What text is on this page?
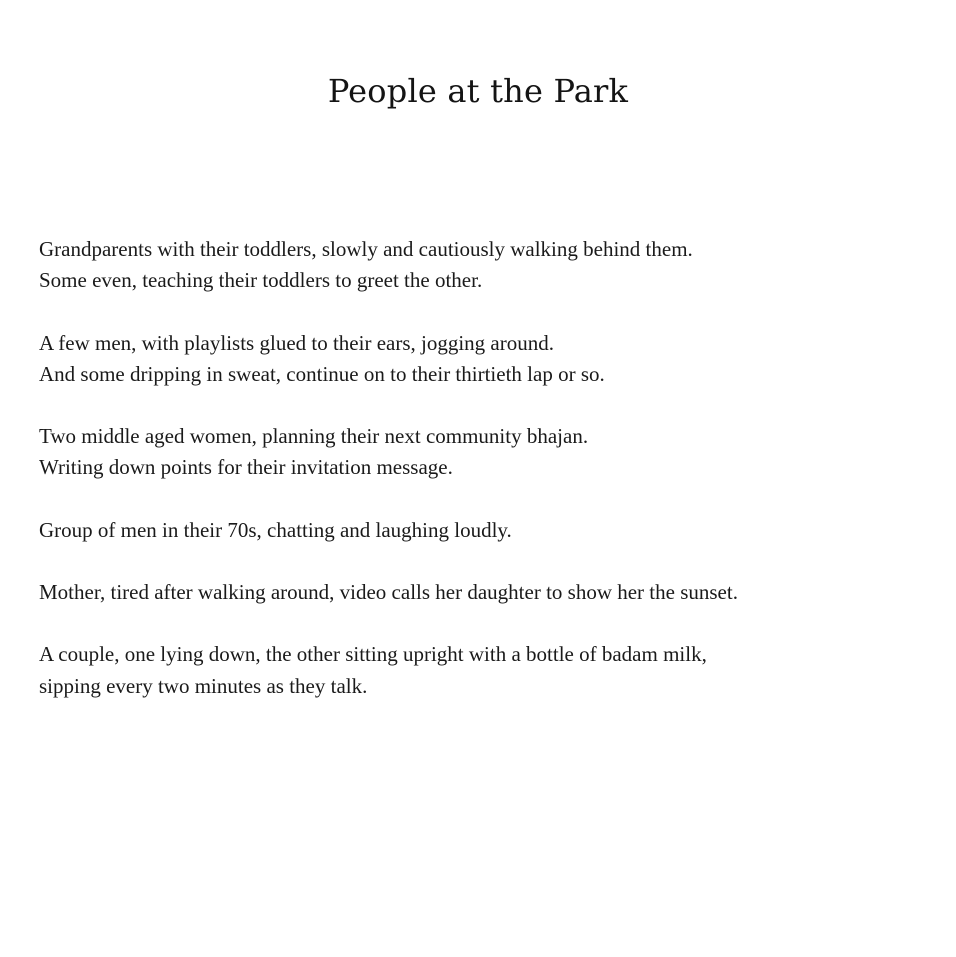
People at the Park
Grandparents with their toddlers, slowly and cautiously walking behind them.
Some even, teaching their toddlers to greet the other.
A few men, with playlists glued to their ears, jogging around.
And some dripping in sweat, continue on to their thirtieth lap or so.
Two middle aged women, planning their next community bhajan.
Writing down points for their invitation message.
Group of men in their 70s, chatting and laughing loudly.
Mother, tired after walking around, video calls her daughter to show her the sunset.
A couple, one lying down, the other sitting upright with a bottle of badam milk,
sipping every two minutes as they talk.
